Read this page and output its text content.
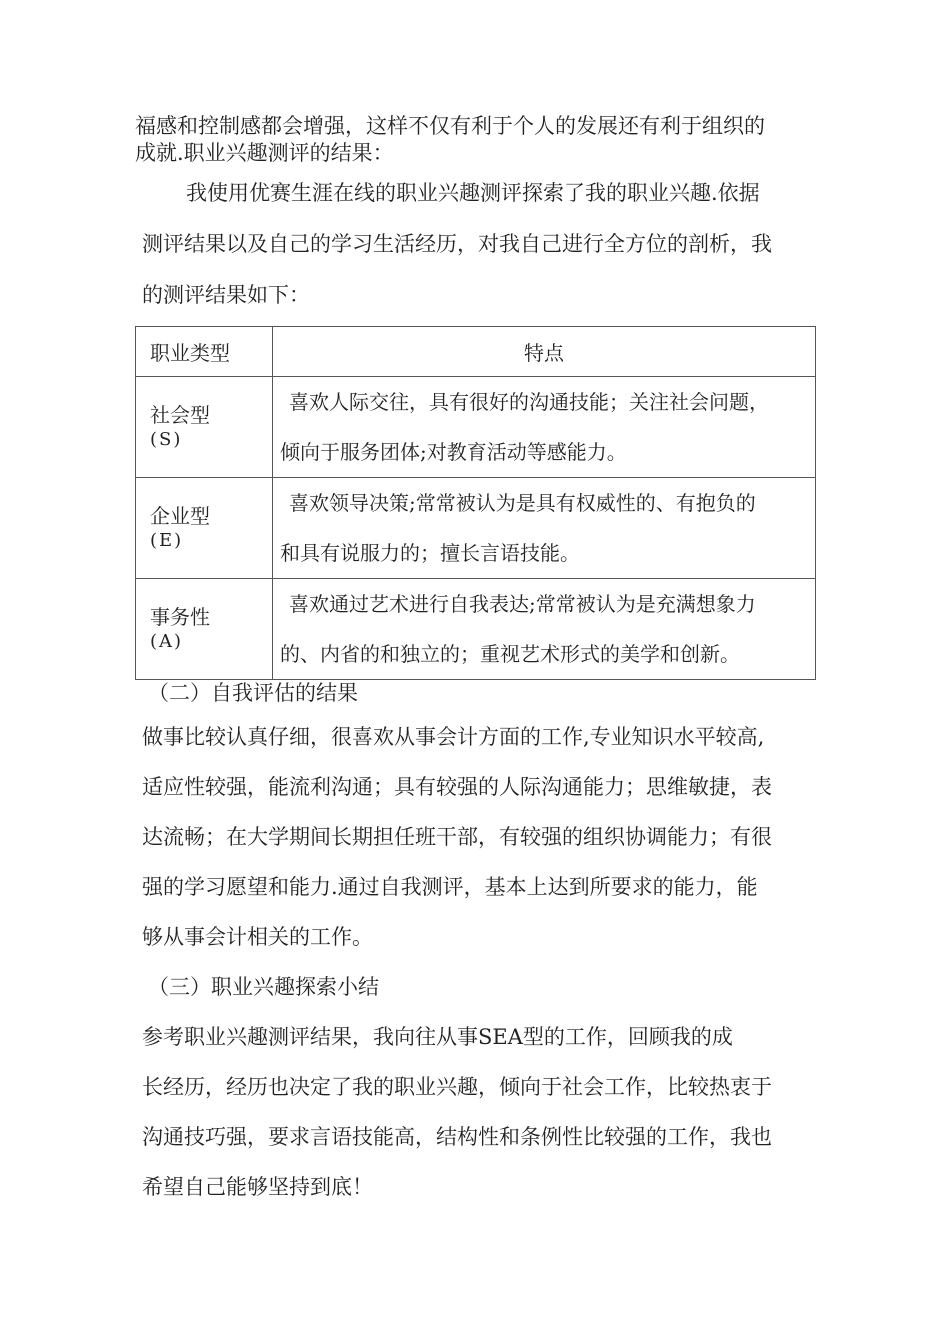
福感和控制感都会增强，这样不仅有利于个人的发展还有利于组织的
成就.职业兴趣测评的结果：
我使用优赛生涯在线的职业兴趣测评探索了我的职业兴趣.依据
测评结果以及自己的学习生活经历，对我自己进行全方位的剖析，我
的测评结果如下：
职业类型	特点

社会型
(S)	喜欢人际交往，具有很好的沟通技能；关注社会问题，
倾向于服务团体;对教育活动等感能力。

企业型
(E)	喜欢领导决策;常常被认为是具有权威性的、有抱负的
和具有说服力的；擅长言语技能。

事务性
(A)	喜欢通过艺术进行自我表达;常常被认为是充满想象力
的、内省的和独立的；重视艺术形式的美学和创新。
（二）自我评估的结果
做事比较认真仔细，很喜欢从事会计方面的工作,专业知识水平较高,
适应性较强，能流利沟通；具有较强的人际沟通能力；思维敏捷，表
达流畅；在大学期间长期担任班干部，有较强的组织协调能力；有很
强的学习愿望和能力.通过自我测评，基本上达到所要求的能力，能
够从事会计相关的工作。
（三）职业兴趣探索小结
参考职业兴趣测评结果，我向往从事SEA型的工作，回顾我的成
长经历，经历也决定了我的职业兴趣，倾向于社会工作，比较热衷于
沟通技巧强，要求言语技能高，结构性和条例性比较强的工作，我也
希望自己能够坚持到底！
